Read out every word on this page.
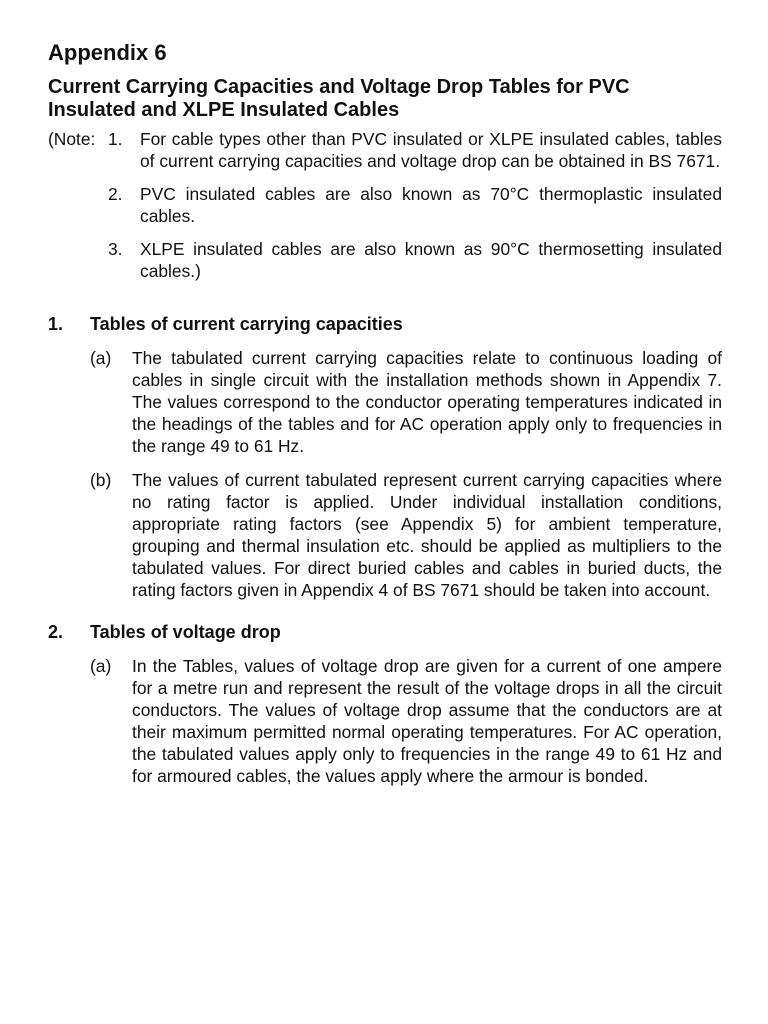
Appendix 6
Current Carrying Capacities and Voltage Drop Tables for PVC Insulated and XLPE Insulated Cables
(Note: 1.	For cable types other than PVC insulated or XLPE insulated cables, tables of current carrying capacities and voltage drop can be obtained in BS 7671.
2.	PVC insulated cables are also known as 70°C thermoplastic insulated cables.
3.	XLPE insulated cables are also known as 90°C thermosetting insulated cables.)
1.	Tables of current carrying capacities
(a)	The tabulated current carrying capacities relate to continuous loading of cables in single circuit with the installation methods shown in Appendix 7. The values correspond to the conductor operating temperatures indicated in the headings of the tables and for AC operation apply only to frequencies in the range 49 to 61 Hz.
(b)	The values of current tabulated represent current carrying capacities where no rating factor is applied. Under individual installation conditions, appropriate rating factors (see Appendix 5) for ambient temperature, grouping and thermal insulation etc. should be applied as multipliers to the tabulated values. For direct buried cables and cables in buried ducts, the rating factors given in Appendix 4 of BS 7671 should be taken into account.
2.	Tables of voltage drop
(a)	In the Tables, values of voltage drop are given for a current of one ampere for a metre run and represent the result of the voltage drops in all the circuit conductors. The values of voltage drop assume that the conductors are at their maximum permitted normal operating temperatures. For AC operation, the tabulated values apply only to frequencies in the range 49 to 61 Hz and for armoured cables, the values apply where the armour is bonded.
